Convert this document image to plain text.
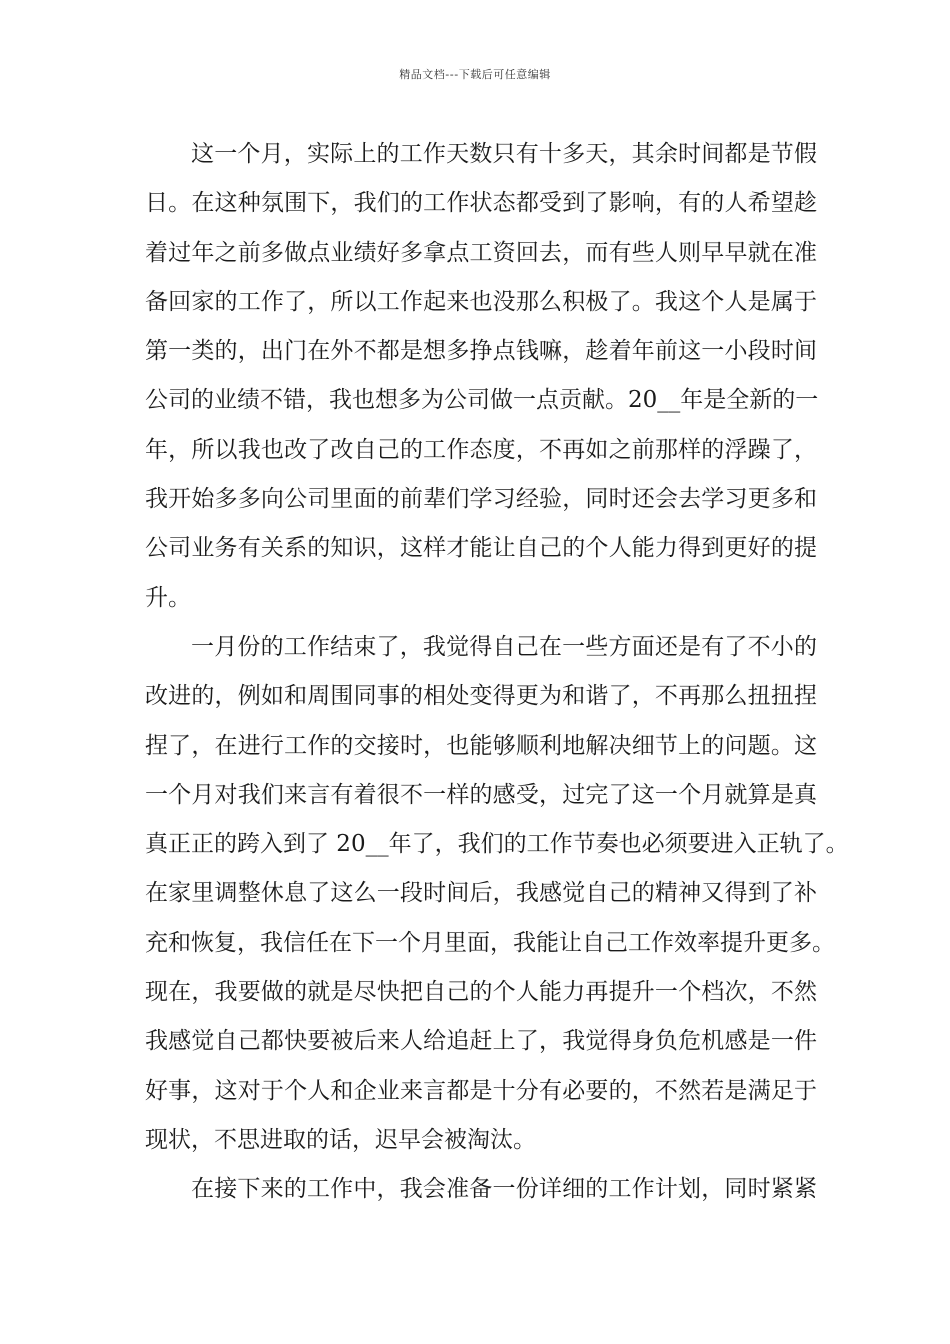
精品文档---下载后可任意编辑
这一个月，实际上的工作天数只有十多天，其余时间都是节假
日。在这种氛围下，我们的工作状态都受到了影响，有的人希望趁
着过年之前多做点业绩好多拿点工资回去，而有些人则早早就在准
备回家的工作了，所以工作起来也没那么积极了。我这个人是属于
第一类的，出门在外不都是想多挣点钱嘛，趁着年前这一小段时间
公司的业绩不错，我也想多为公司做一点贡献。20__年是全新的一
年，所以我也改了改自己的工作态度，不再如之前那样的浮躁了，
我开始多多向公司里面的前辈们学习经验，同时还会去学习更多和
公司业务有关系的知识，这样才能让自己的个人能力得到更好的提
升。
一月份的工作结束了，我觉得自己在一些方面还是有了不小的
改进的，例如和周围同事的相处变得更为和谐了，不再那么扭扭捏
捏了，在进行工作的交接时，也能够顺利地解决细节上的问题。这
一个月对我们来言有着很不一样的感受，过完了这一个月就算是真
真正正的跨入到了 20__年了，我们的工作节奏也必须要进入正轨了。
在家里调整休息了这么一段时间后，我感觉自己的精神又得到了补
充和恢复，我信任在下一个月里面，我能让自己工作效率提升更多。
现在，我要做的就是尽快把自己的个人能力再提升一个档次，不然
我感觉自己都快要被后来人给追赶上了，我觉得身负危机感是一件
好事，这对于个人和企业来言都是十分有必要的，不然若是满足于
现状，不思进取的话，迟早会被淘汰。
在接下来的工作中，我会准备一份详细的工作计划，同时紧紧
